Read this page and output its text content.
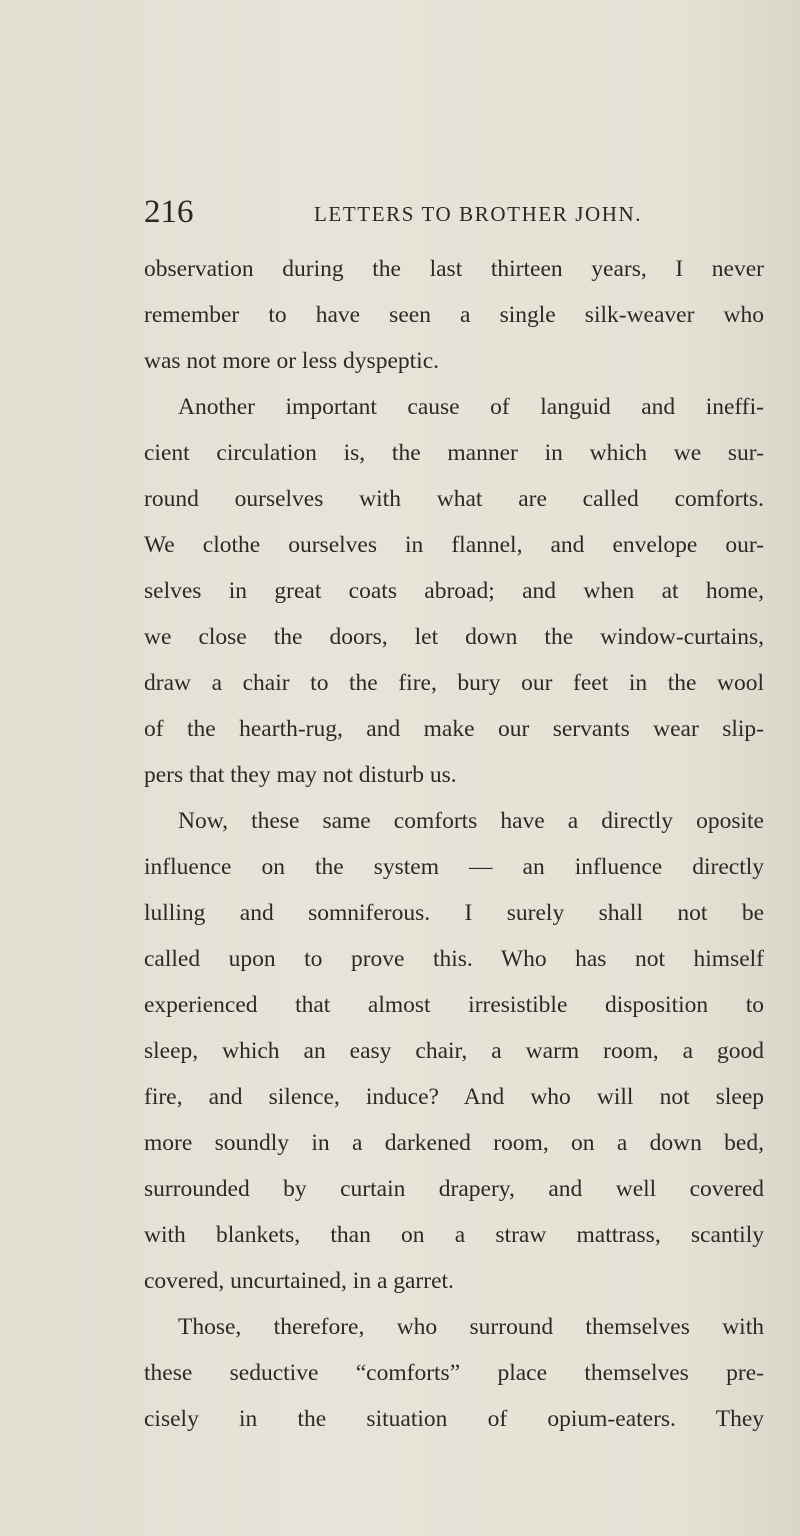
216	LETTERS TO BROTHER JOHN.
observation during the last thirteen years, I never
remember to have seen a single silk-weaver who
was not more or less dyspeptic.
Another important cause of languid and ineffi-
cient circulation is, the manner in which we sur-
round ourselves with what are called comforts.
We clothe ourselves in flannel, and envelope our-
selves in great coats abroad; and when at home,
we close the doors, let down the window-curtains,
draw a chair to the fire, bury our feet in the wool
of the hearth-rug, and make our servants wear slip-
pers that they may not disturb us.
Now, these same comforts have a directly oposite
influence on the system — an influence directly
lulling and somniferous. I surely shall not be
called upon to prove this. Who has not himself
experienced that almost irresistible disposition to
sleep, which an easy chair, a warm room, a good
fire, and silence, induce? And who will not sleep
more soundly in a darkened room, on a down bed,
surrounded by curtain drapery, and well covered
with blankets, than on a straw mattrass, scantily
covered, uncurtained, in a garret.
Those, therefore, who surround themselves with
these seductive “comforts” place themselves pre-
cisely in the situation of opium-eaters. They
